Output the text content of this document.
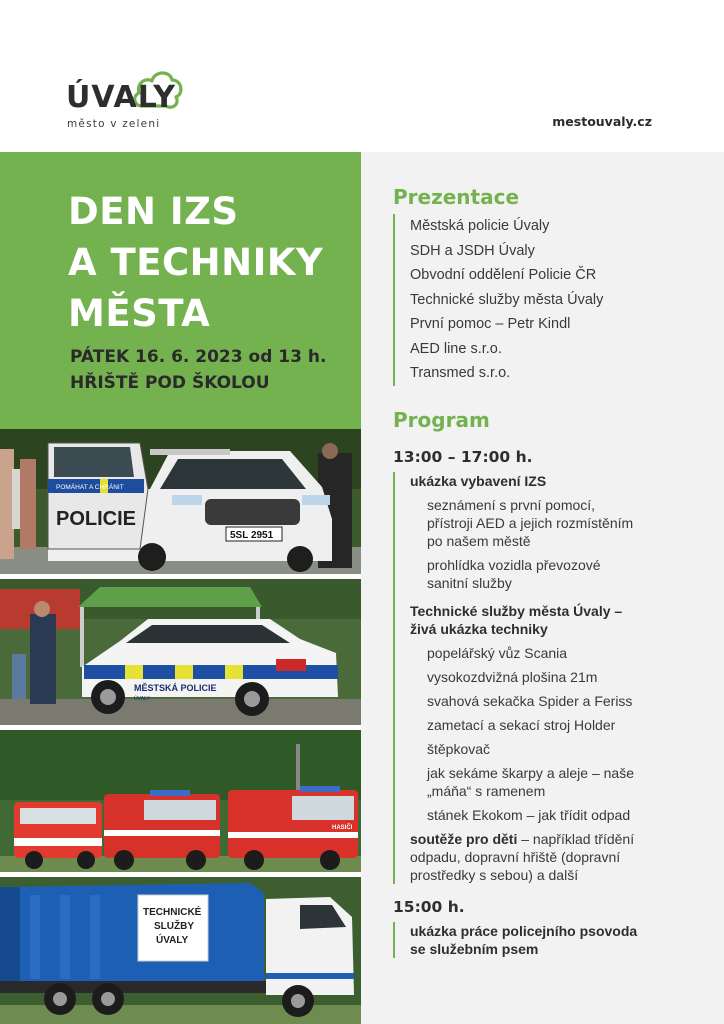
ÚVALY
město v zeleni	mestouvaly.cz
DEN IZS
A TECHNIKY
MĚSTA
PÁTEK 16. 6. 2023 od 13 h.
HŘIŠTĚ POD ŠKOLOU
POMÁHAT A CHRÁNIT
POLICIE
5SL 2951
MĚSTSKÁ POLICIE
ÚVALY
HASIČI
TECHNICKÉ
SLUŽBY
ÚVALY
Prezentace
Městská policie Úvaly
SDH a JSDH Úvaly
Obvodní oddělení Policie ČR
Technické služby města Úvaly
První pomoc – Petr Kindl
AED line s.r.o.
Transmed s.r.o.
Program
13:00 – 17:00 h.
ukázka vybavení IZS
seznámení s první pomocí,
přístroji AED a jejich rozmístěním
po našem městě
prohlídka vozidla převozové
sanitní služby
Technické služby města Úvaly –
živá ukázka techniky
popelářský vůz Scania
vysokozdvižná plošina 21m
svahová sekačka Spider a Feriss
zametací a sekací stroj Holder
štěpkovač
jak sekáme škarpy a aleje – naše
„máňa“ s ramenem
stánek Ekokom – jak třídit odpad
soutěže pro děti – například třídění
odpadu, dopravní hřiště (dopravní
prostředky s sebou) a další
15:00 h.
ukázka práce policejního psovoda
se služebním psem
